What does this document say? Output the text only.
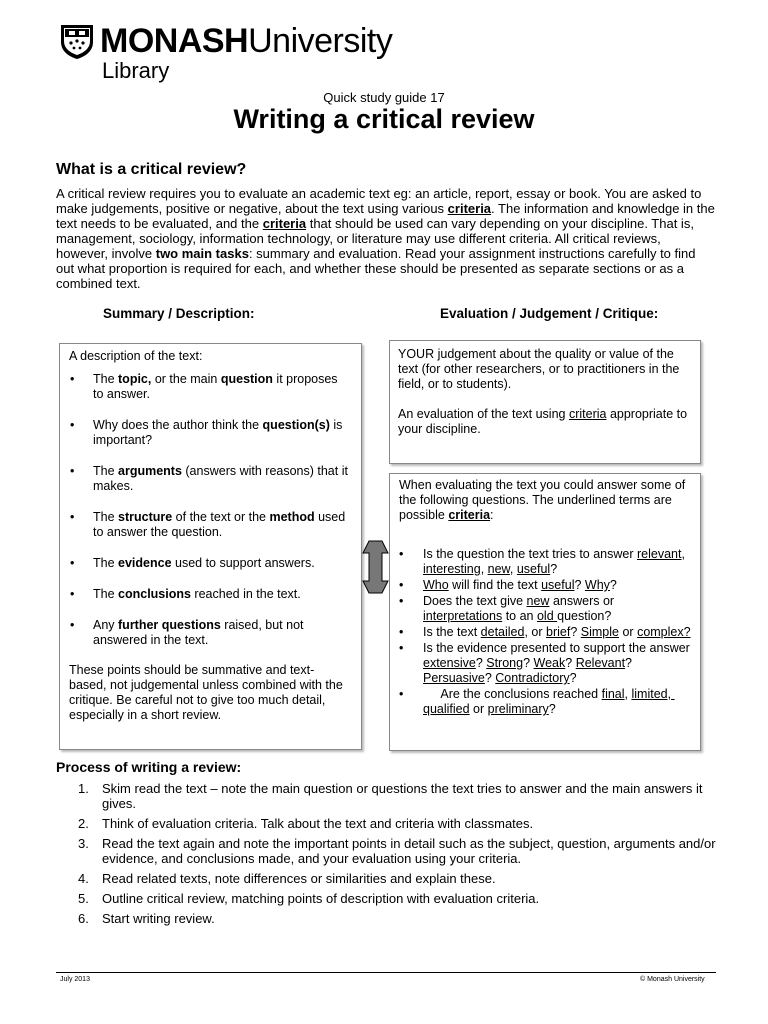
MONASHUniversity
Library
Quick study guide 17
Writing a critical review
What is a critical review?
A critical review requires you to evaluate an academic text eg: an article, report, essay or book. You are asked to make judgements, positive or negative, about the text using various criteria. The information and knowledge in the text needs to be evaluated, and the criteria that should be used can vary depending on your discipline. That is, management, sociology, information technology, or literature may use different criteria. All critical reviews, however, involve two main tasks: summary and evaluation. Read your assignment instructions carefully to find out what proportion is required for each, and whether these should be presented as separate sections or as a combined text.
Summary / Description:	Evaluation / Judgement / Critique:
A description of the text:
• The topic, or the main question it proposes to answer.
• Why does the author think the question(s) is important?
• The arguments (answers with reasons) that it makes.
• The structure of the text or the method used to answer the question.
• The evidence used to support answers.
• The conclusions reached in the text.
• Any further questions raised, but not answered in the text.
These points should be summative and text-based, not judgemental unless combined with the critique. Be careful not to give too much detail, especially in a short review.
YOUR judgement about the quality or value of the text (for other researchers, or to practitioners in the field, or to students).
An evaluation of the text using criteria appropriate to your discipline.
When evaluating the text you could answer some of the following questions. The underlined terms are possible criteria:
• Is the question the text tries to answer relevant, interesting, new, useful?
• Who will find the text useful? Why?
• Does the text give new answers or interpretations to an old question?
• Is the text detailed, or brief? Simple or complex?
• Is the evidence presented to support the answer extensive? Strong? Weak? Relevant? Persuasive? Contradictory?
•      Are the conclusions reached final, limited, qualified or preliminary?
Process of writing a review:
1. Skim read the text – note the main question or questions the text tries to answer and the main answers it gives.
2. Think of evaluation criteria. Talk about the text and criteria with classmates.
3. Read the text again and note the important points in detail such as the subject, question, arguments and/or evidence, and conclusions made, and your evaluation using your criteria.
4. Read related texts, note differences or similarities and explain these.
5. Outline critical review, matching points of description with evaluation criteria.
6. Start writing review.
July 2013	© Monash University
